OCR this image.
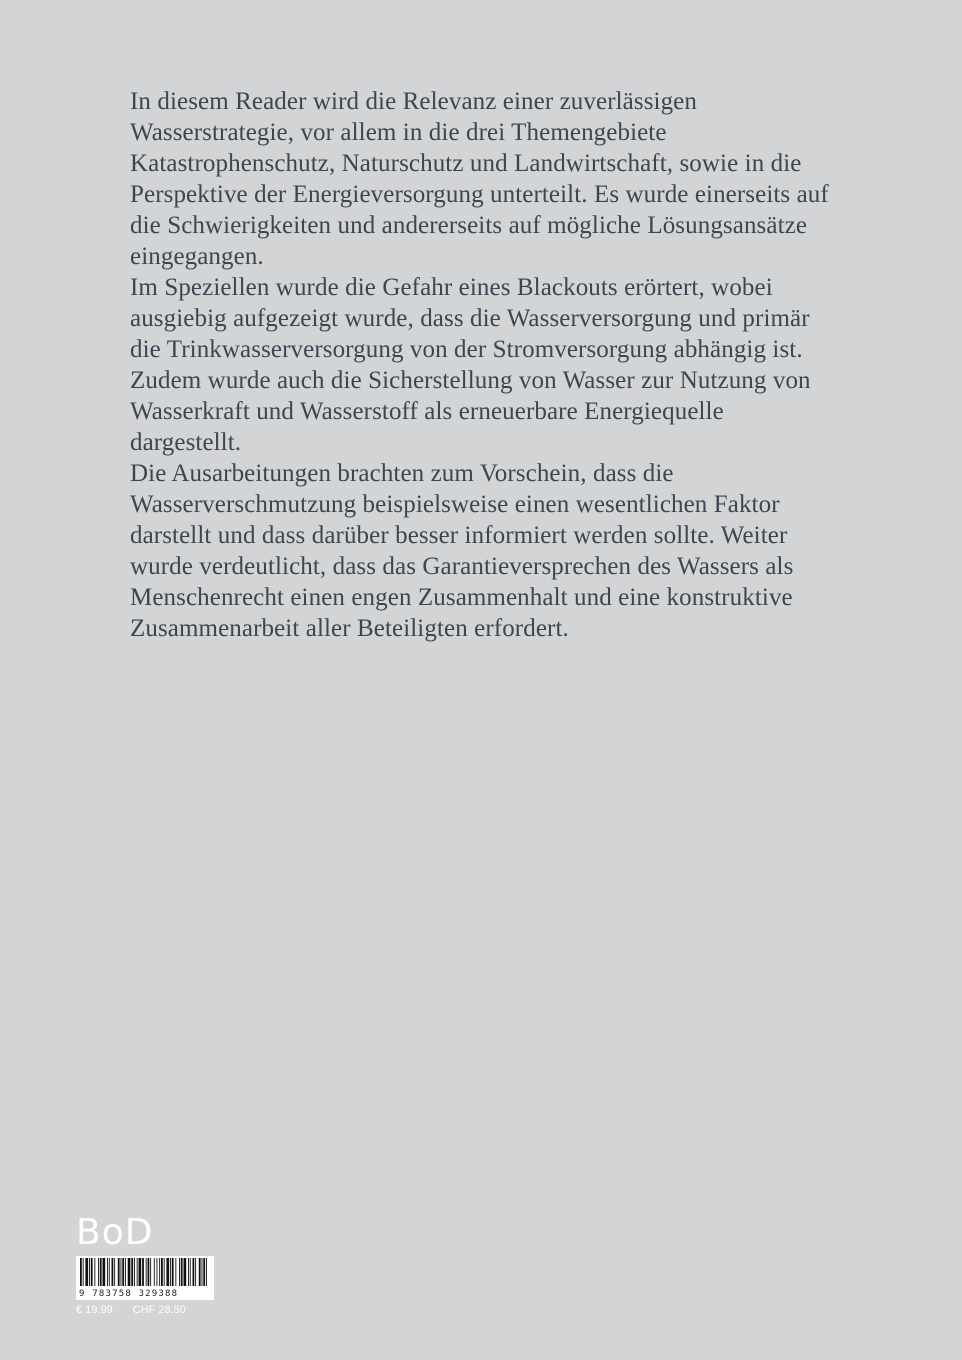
In diesem Reader wird die Relevanz einer zuverlässigen Wasserstrategie, vor allem in die drei Themengebiete Katastrophenschutz, Naturschutz und Landwirtschaft, sowie in die Perspektive der Energieversorgung unterteilt. Es wurde einerseits auf die Schwierigkeiten und andererseits auf mögliche Lösungsansätze eingegangen.

Im Speziellen wurde die Gefahr eines Blackouts erörtert, wobei ausgiebig aufgezeigt wurde, dass die Wasserversorgung und primär die Trinkwasserversorgung von der Stromversorgung abhängig ist. Zudem wurde auch die Sicherstellung von Wasser zur Nutzung von Wasserkraft und Wasserstoff als erneuerbare Energiequelle dargestellt.

Die Ausarbeitungen brachten zum Vorschein, dass die Wasserverschmutzung beispielsweise einen wesentlichen Faktor darstellt und dass darüber besser informiert werden sollte. Weiter wurde verdeutlicht, dass das Garantieversprechen des Wassers als Menschenrecht einen engen Zusammenhalt und eine konstruktive Zusammenarbeit aller Beteiligten erfordert.

BoD
9 783758 329388
€ 19.99 CHF 28.50
